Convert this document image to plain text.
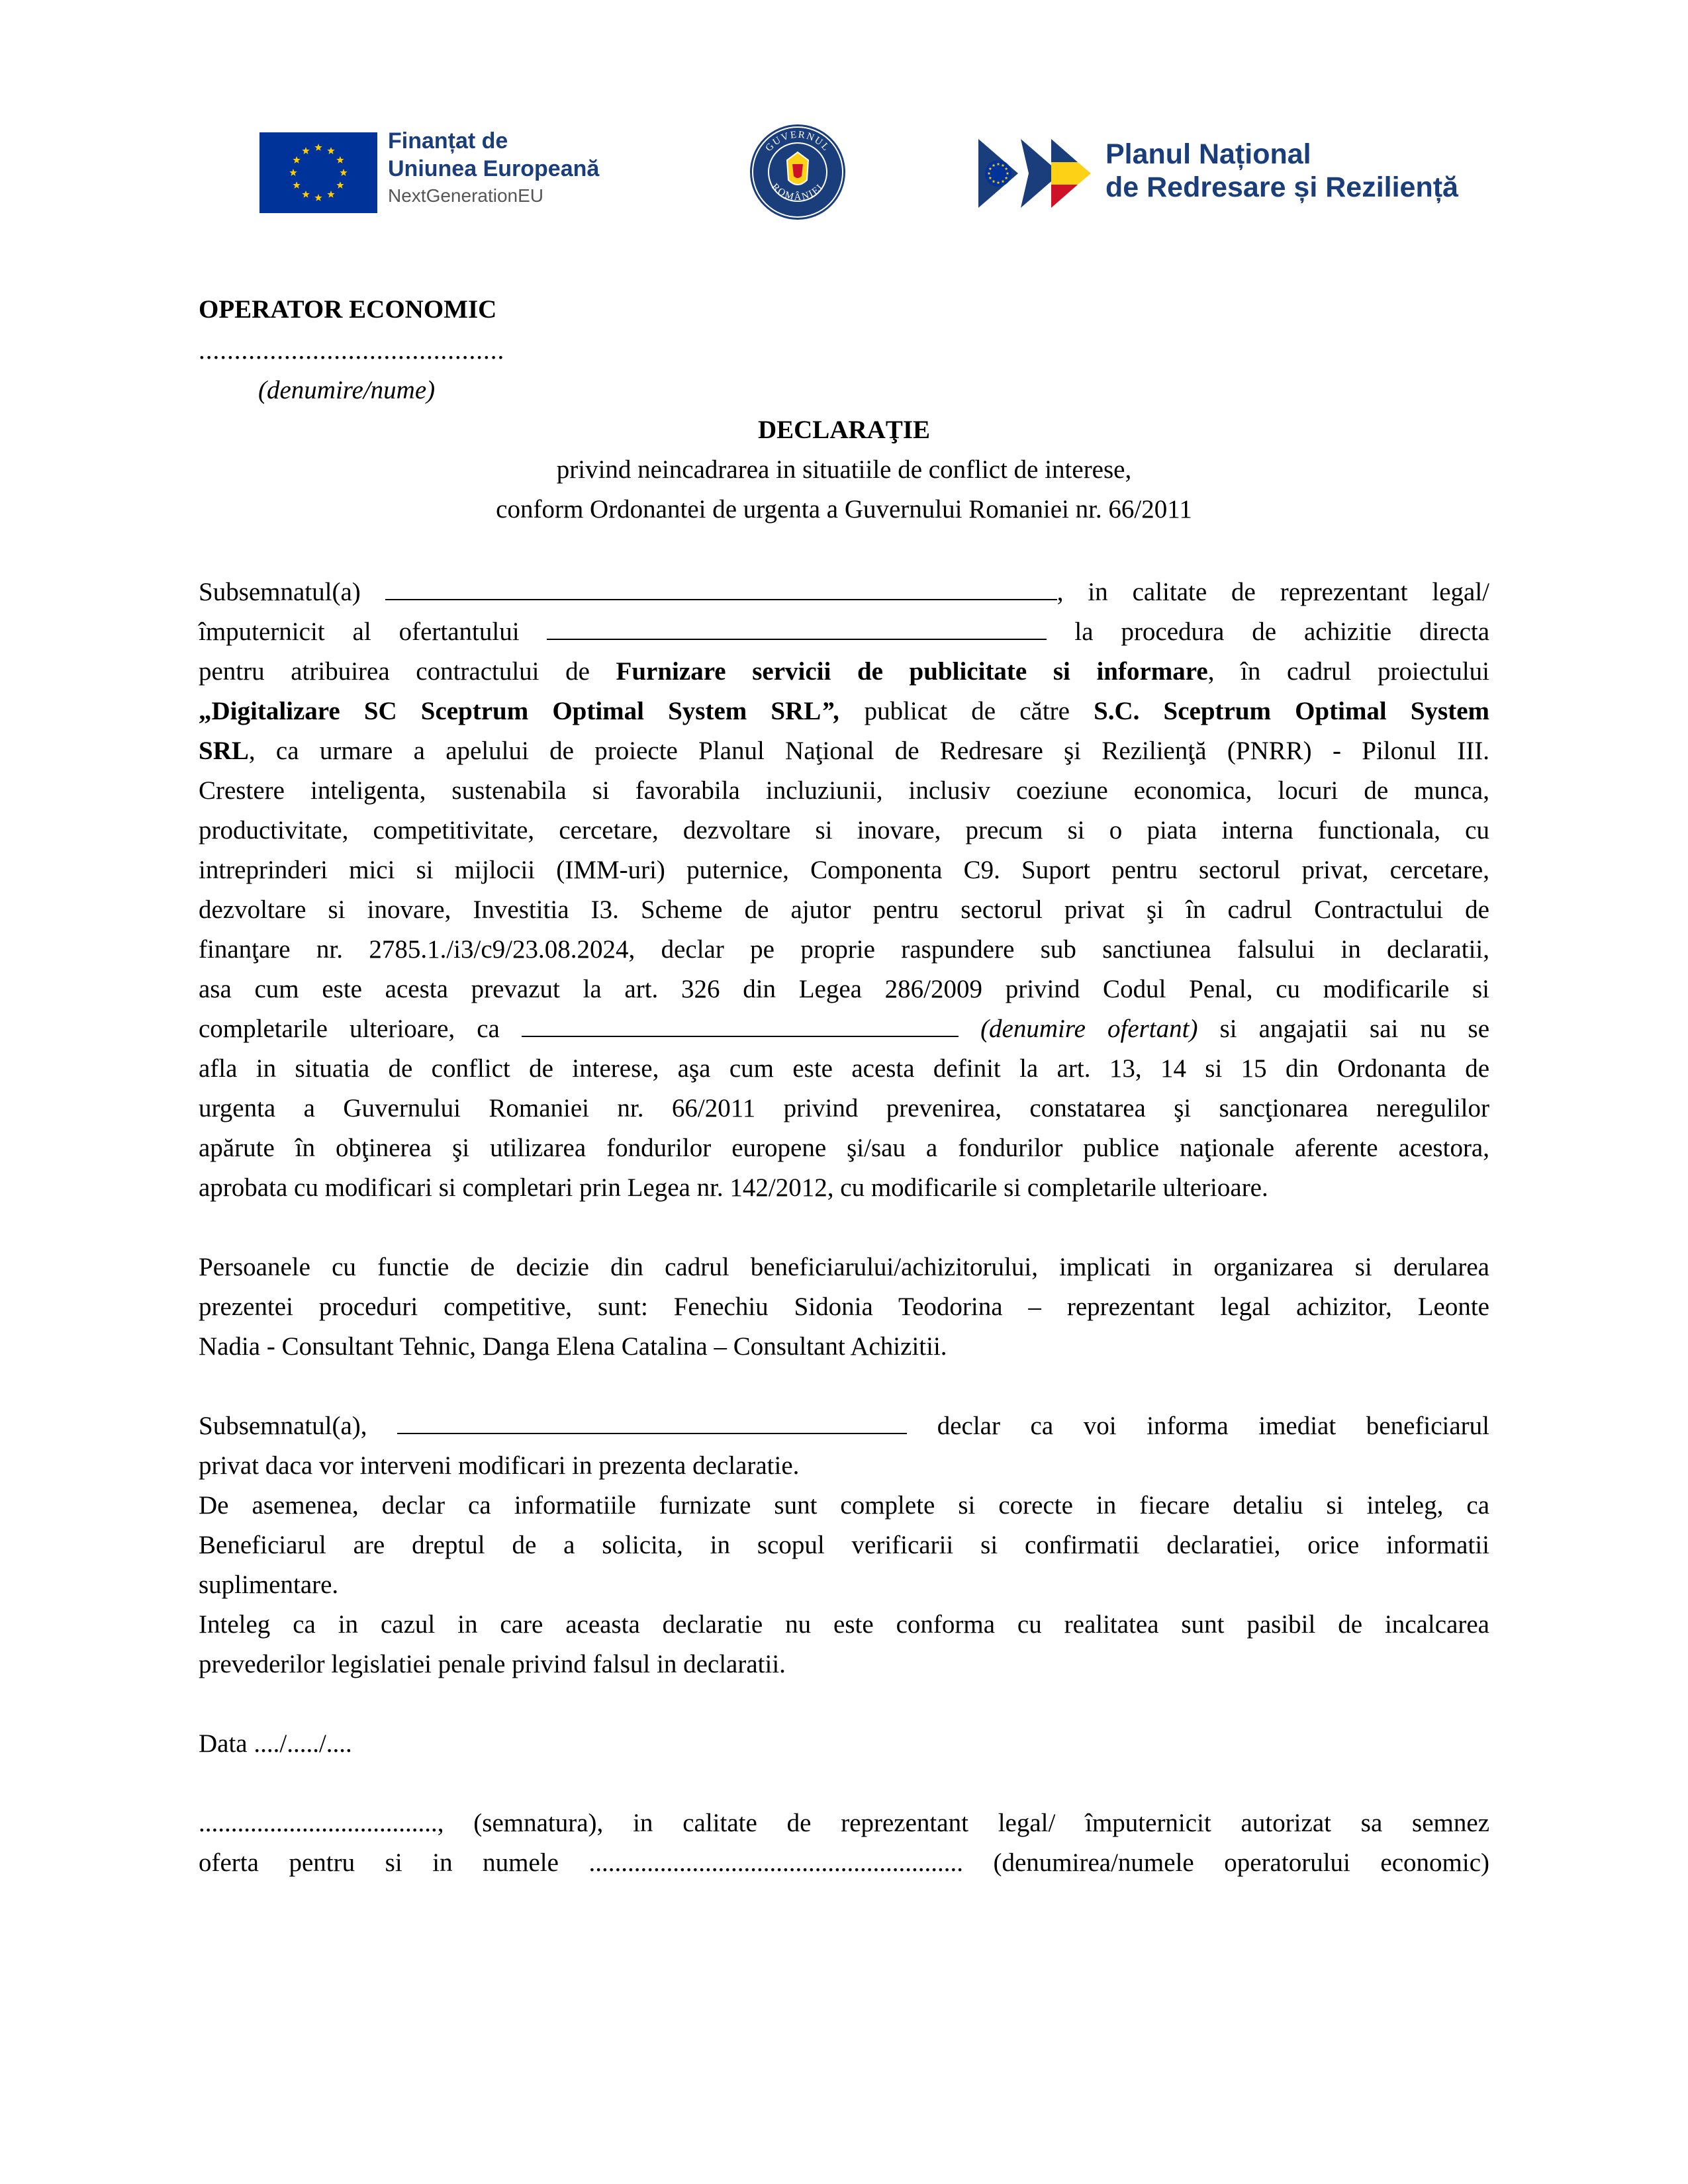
Finanțat de
Uniunea Europeană
NextGenerationEU
GUVERNUL
ROMÂNIEI
Planul Național
de Redresare și Reziliență
OPERATOR ECONOMIC
...........................................
(denumire/nume)
DECLARAŢIE
privind neincadrarea in situatiile de conflict de interese,
conform Ordonantei de urgenta a Guvernului Romaniei nr. 66/2011
Subsemnatul(a)	, in calitate de reprezentant legal/
împuternicit al ofertantului	la procedura de achizitie directa
pentru atribuirea contractului de Furnizare servicii de publicitate si informare, în cadrul proiectului
„Digitalizare SC Sceptrum Optimal System SRL”, publicat de către S.C. Sceptrum Optimal System
SRL, ca urmare a apelului de proiecte Planul Naţional de Redresare şi Rezilienţă (PNRR) - Pilonul III.
Crestere inteligenta, sustenabila si favorabila incluziunii, inclusiv coeziune economica, locuri de munca,
productivitate, competitivitate, cercetare, dezvoltare si inovare, precum si o piata interna functionala, cu
intreprinderi mici si mijlocii (IMM-uri) puternice, Componenta C9. Suport pentru sectorul privat, cercetare,
dezvoltare si inovare, Investitia I3. Scheme de ajutor pentru sectorul privat şi în cadrul Contractului de
finanţare nr. 2785.1./i3/c9/23.08.2024, declar pe proprie raspundere sub sanctiunea falsului in declaratii,
asa cum este acesta prevazut la art. 326 din Legea 286/2009 privind Codul Penal, cu modificarile si
completarile ulterioare, ca	(denumire ofertant) si angajatii sai nu se
afla in situatia de conflict de interese, aşa cum este acesta definit la art. 13, 14 si 15 din Ordonanta de
urgenta a Guvernului Romaniei nr. 66/2011 privind prevenirea, constatarea şi sancţionarea neregulilor
apărute în obţinerea şi utilizarea fondurilor europene şi/sau a fondurilor publice naţionale aferente acestora,
aprobata cu modificari si completari prin Legea nr. 142/2012, cu modificarile si completarile ulterioare.
Persoanele cu functie de decizie din cadrul beneficiarului/achizitorului, implicati in organizarea si derularea
prezentei proceduri competitive, sunt: Fenechiu Sidonia Teodorina – reprezentant legal achizitor, Leonte
Nadia - Consultant Tehnic, Danga Elena Catalina – Consultant Achizitii.
Subsemnatul(a),	declar ca voi informa imediat beneficiarul
privat daca vor interveni modificari in prezenta declaratie.
De asemenea, declar ca informatiile furnizate sunt complete si corecte in fiecare detaliu si inteleg, ca
Beneficiarul are dreptul de a solicita, in scopul verificarii si confirmatii declaratiei, orice informatii
suplimentare.
Inteleg ca in cazul in care aceasta declaratie nu este conforma cu realitatea sunt pasibil de incalcarea
prevederilor legislatiei penale privind falsul in declaratii.
Data ..../...../....
....................................., (semnatura), in calitate de reprezentant legal/ împuternicit autorizat sa semnez
oferta pentru si in numele .......................................................... (denumirea/numele operatorului economic)
